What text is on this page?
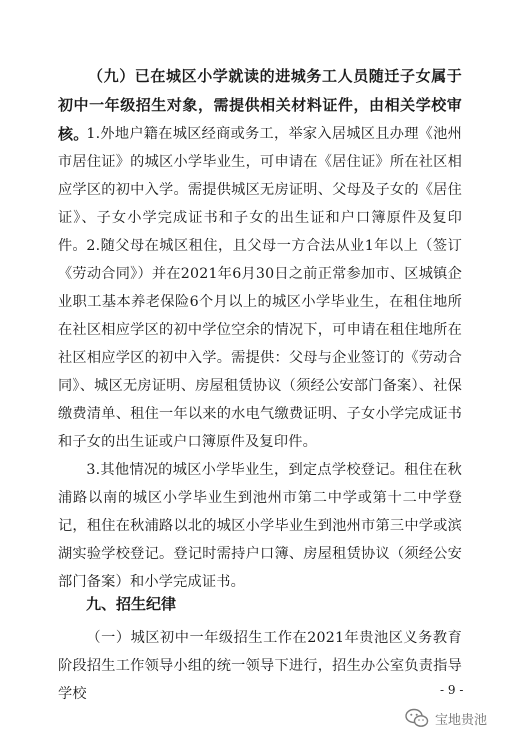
（九）已在城区小学就读的进城务工人员随迁子女属于初中一年级招生对象，需提供相关材料证件，由相关学校审核。

1.外地户籍在城区经商或务工，举家入居城区且办理《池州市居住证》的城区小学毕业生，可申请在《居住证》所在社区相应学区的初中入学。需提供城区无房证明、父母及子女的《居住证》、子女小学完成证书和子女的出生证和户口簿原件及复印件。 2.随父母在城区租住，且父母一方合法从业1年以上（签订《劳动合同》）并在2021年6月30日之前正常参加市、区城镇企业职工基本养老保险6个月以上的城区小学毕业生，在租住地所在社区相应学区的初中学位空余的情况下，可申请在租住地所在社区相应学区的初中入学。需提供：父母与企业签订的《劳动合同》、城区无房证明、房屋租赁协议（须经公安部门备案）、社保缴费清单、租住一年以来的水电气缴费证明、子女小学完成证书和子女的出生证或户口簿原件及复印件。

3.其他情况的城区小学毕业生，到定点学校登记。租住在秋浦路以南的城区小学毕业生到池州市第二中学或第十二中学登记，租住在秋浦路以北的城区小学毕业生到池州市第三中学或滨湖实验学校登记。登记时需持户口簿、房屋租赁协议（须经公安部门备案）和小学完成证书。

九、招生纪律

（一）城区初中一年级招生工作在2021年贵池区义务教育阶段招生工作领导小组的统一领导下进行，招生办公室负责指导学校	- 9 -
宝地贵池
